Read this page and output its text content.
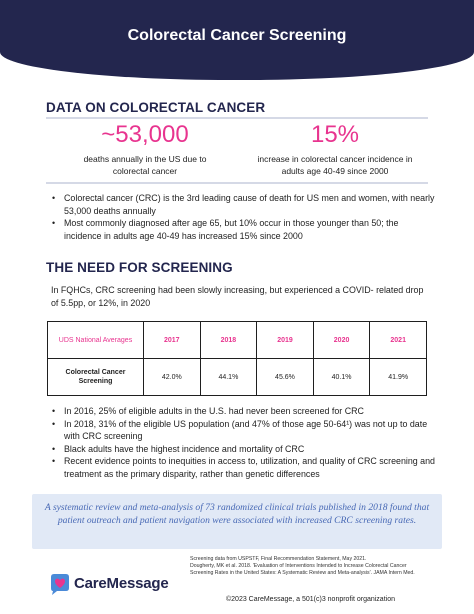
Colorectal Cancer Screening
DATA ON COLORECTAL CANCER
~53,000
deaths annually in the US due to
colorectal cancer
15%
increase in colorectal cancer incidence in
adults age 40-49 since 2000
• Colorectal cancer (CRC) is the 3rd leading cause of death for US men and women, with nearly 53,000 deaths annually
• Most commonly diagnosed after age 65, but 10% occur in those younger than 50; the incidence in adults age 40-49 has increased 15% since 2000
THE NEED FOR SCREENING
In FQHCs, CRC screening had been slowly increasing, but experienced a COVID- related drop of 5.5pp, or 12%, in 2020
UDS National Averages	2017	2018	2019	2020	2021
Colorectal Cancer Screening	42.0%	44.1%	45.6%	40.1%	41.9%
• In 2016, 25% of eligible adults in the U.S. had never been screened for CRC
• In 2018, 31% of the eligible US population (and 47% of those age 50-64¹) was not up to date with CRC screening
• Black adults have the highest incidence and mortality of CRC
• Recent evidence points to inequities in access to, utilization, and quality of CRC screening and treatment as the primary disparity, rather than genetic differences
A systematic review and meta-analysis of 73 randomized clinical trials published in 2018 found that patient outreach and patient navigation were associated with increased CRC screening rates.
CareMessage
Screening data from USPSTF, Final Recommendation Statement, May 2021.
Dougherty, MK et al. 2018. 'Evaluation of Interventions Intended to Increase Colorectal Cancer Screening Rates in the United States: A Systematic Review and Meta-analysis'. JAMA Intern Med.
©2023 CareMessage, a 501(c)3 nonprofit organization
